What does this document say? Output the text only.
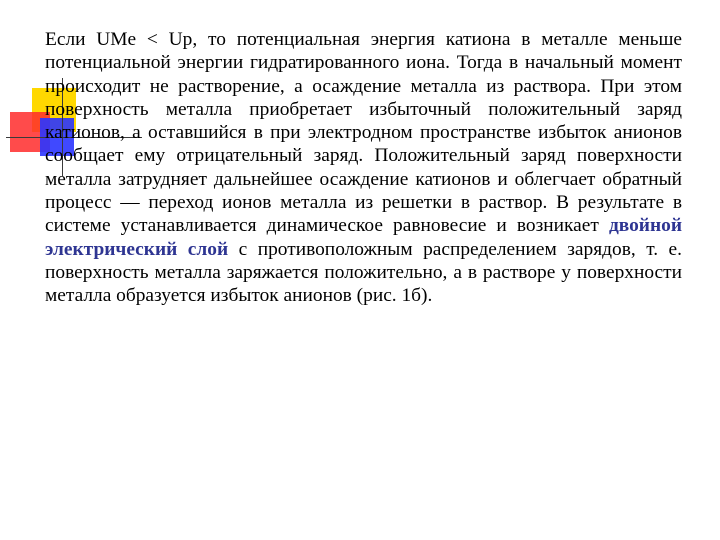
Если UMe < Up, то потенциальная энергия катиона в металле меньше потенциальной энергии гидратированного иона. Тогда в начальный момент происходит не растворение, а осаждение металла из раствора. При этом поверхность металла приобретает избыточный положительный заряд катионов, а оставшийся в при электродном пространстве избыток анионов сообщает ему отрицательный заряд. Положительный заряд поверхности металла затрудняет дальнейшее осаждение катионов и облегчает обратный процесс — переход ионов металла из решетки в раствор. В результате в системе устанавливается динамическое равновесие и возникает двойной электрический слой с противоположным распределением зарядов, т. е. поверхность металла заряжается положительно, а в растворе у поверхности металла образуется избыток анионов (рис. 1б).
